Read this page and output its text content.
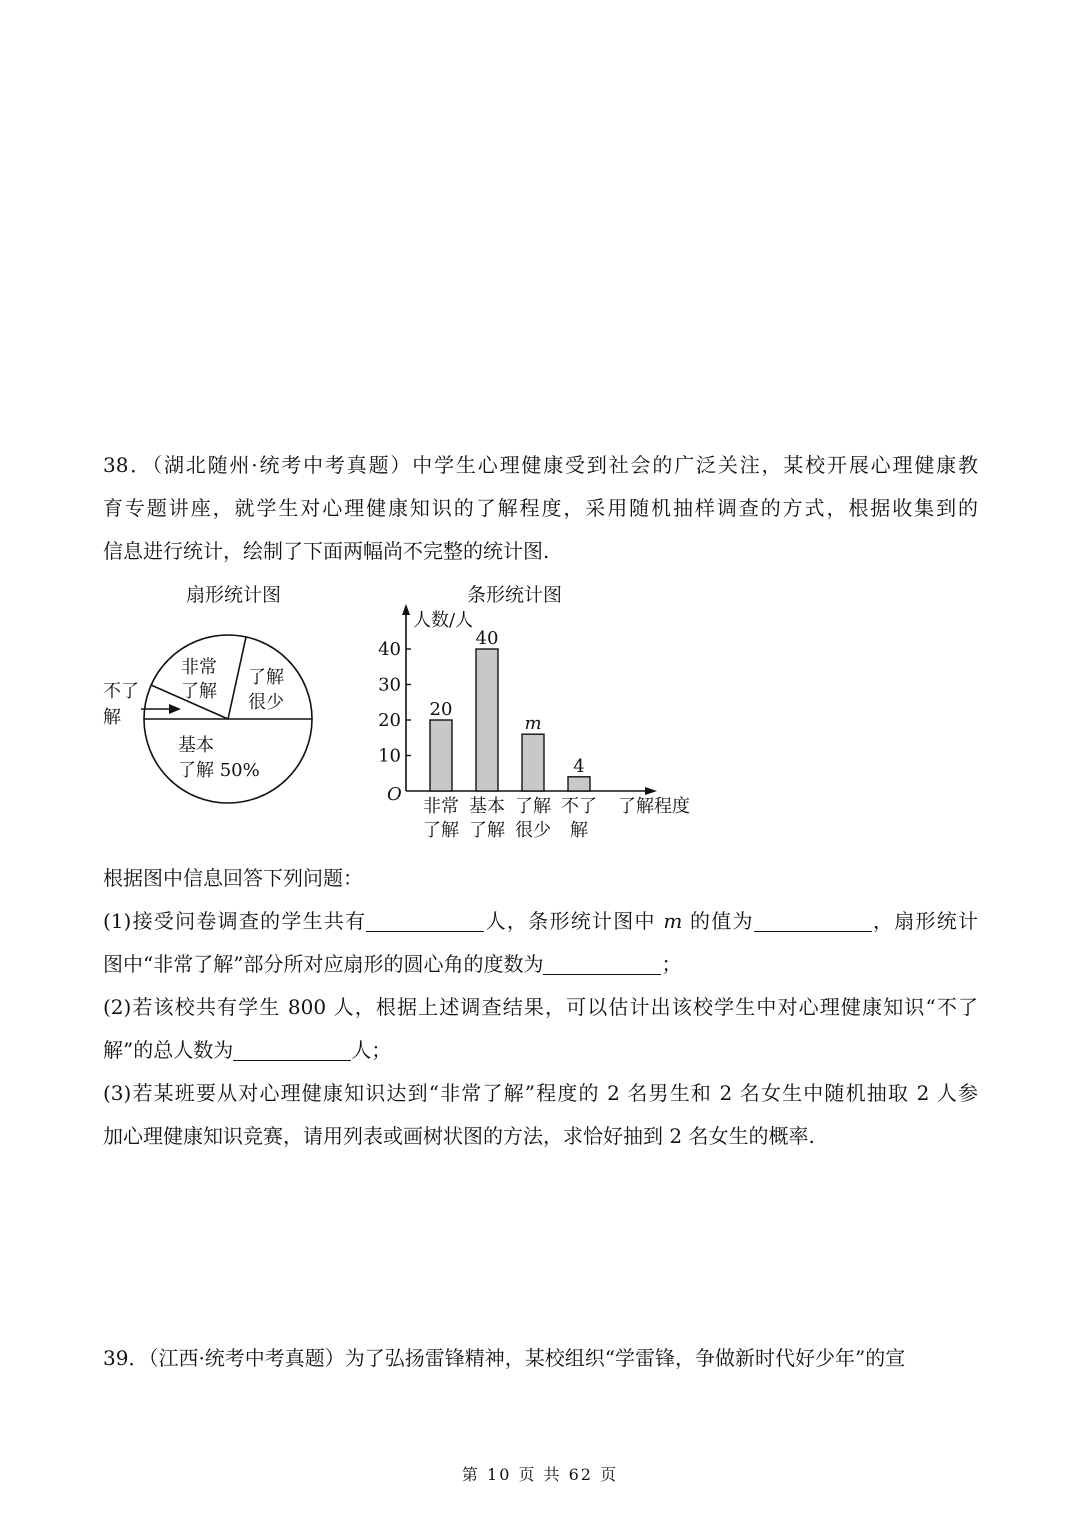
38．（湖北随州·统考中考真题）中学生心理健康受到社会的广泛关注，某校开展心理健康教
育专题讲座，就学生对心理健康知识的了解程度，采用随机抽样调查的方式，根据收集到的
信息进行统计，绘制了下面两幅尚不完整的统计图.
扇形统计图	条形统计图
非常
了解
了解
很少
基本
了解 50%
不了
解
人数/人
了解程度
O
10
20
30
40
20
非常
了解
40
基本
了解
m
了解
很少
4
不了
解
根据图中信息回答下列问题：
(1)接受问卷调查的学生共有	人，条形统计图中 m 的值为	，扇形统计
图中“非常了解”部分所对应扇形的圆心角的度数为	；
(2)若该校共有学生 800 人，根据上述调查结果，可以估计出该校学生中对心理健康知识“不了
解”的总人数为	人；
(3)若某班要从对心理健康知识达到“非常了解”程度的 2 名男生和 2 名女生中随机抽取 2 人参
加心理健康知识竞赛，请用列表或画树状图的方法，求恰好抽到 2 名女生的概率.
39．（江西·统考中考真题）为了弘扬雷锋精神，某校组织“学雷锋，争做新时代好少年”的宣
第 10 页 共 62 页
